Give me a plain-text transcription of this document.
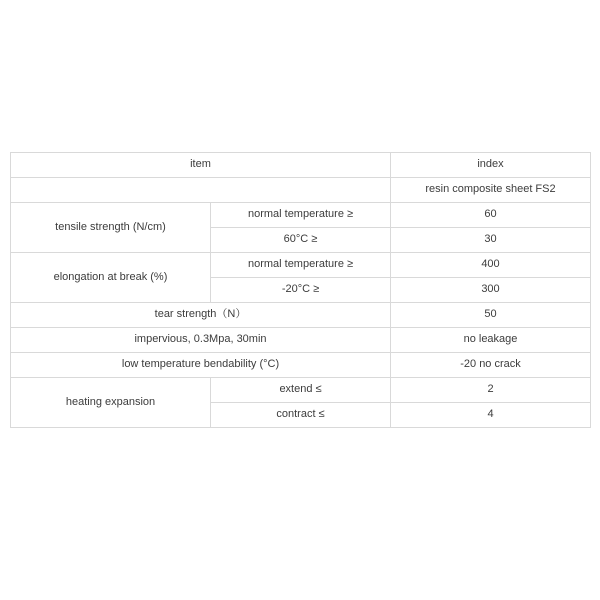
item		index
		resin composite sheet FS2
tensile strength (N/cm)	normal temperature ≥	60
	60°C ≥	30
elongation at break (%)	normal temperature ≥	400
	-20°C ≥	300
tear strength（N）		50
impervious, 0.3Mpa, 30min		no leakage
low temperature bendability (°C)		-20 no crack
heating expansion	extend ≤	2
	contract ≤	4
